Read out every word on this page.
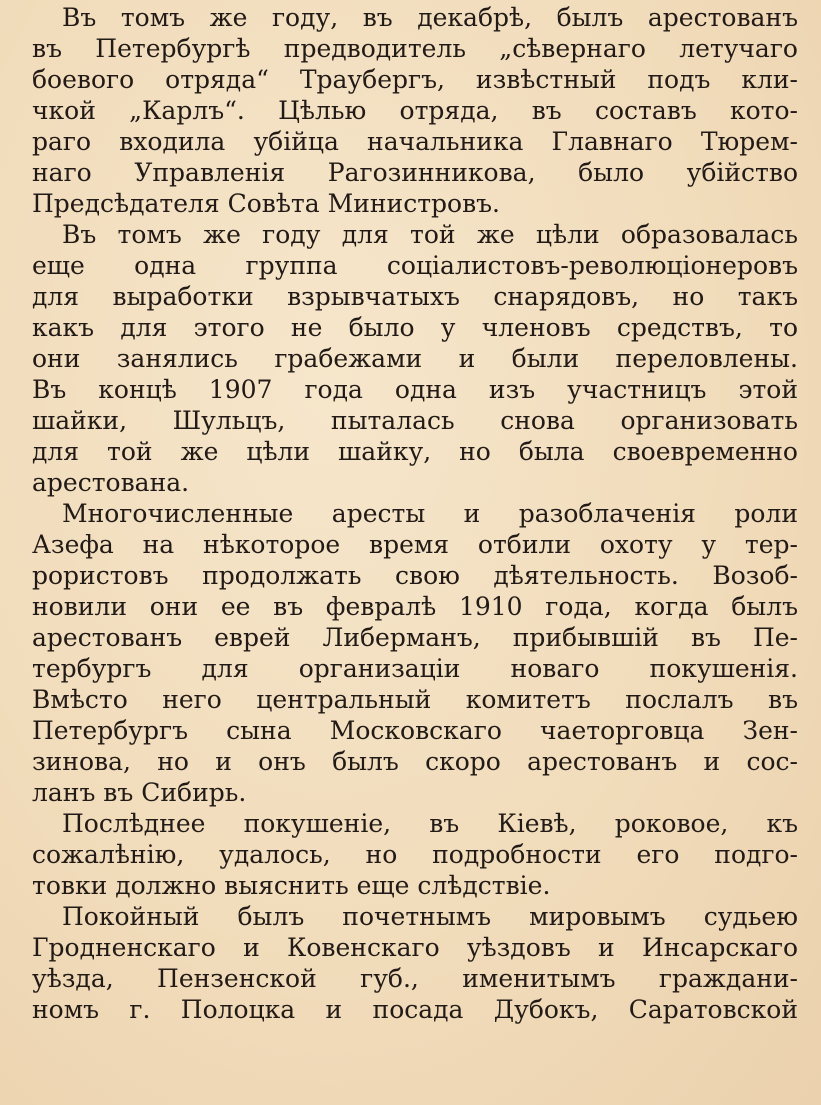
Въ томъ же году, въ декабрѣ, былъ арестованъ
въ Петербургѣ предводитель „сѣвернаго летучаго
боевого отряда“ Траубергъ, извѣстный подъ кли-
чкой „Карлъ“. Цѣлью отряда, въ составъ кото-
раго входила убійца начальника Главнаго Тюрем-
наго Управленія Рагозинникова, было убійство
Предсѣдателя Совѣта Министровъ.
Въ томъ же году для той же цѣли образовалась
еще одна группа соціалистовъ-революціонеровъ
для выработки взрывчатыхъ снарядовъ, но такъ
какъ для этого не было у членовъ средствъ, то
они занялись грабежами и были переловлены.
Въ концѣ 1907 года одна изъ участницъ этой
шайки, Шульцъ, пыталась снова организовать
для той же цѣли шайку, но была своевременно
арестована.
Многочисленные аресты и разоблаченія роли
Азефа на нѣкоторое время отбили охоту у тер-
рористовъ продолжать свою дѣятельность. Возоб-
новили они ее въ февралѣ 1910 года, когда былъ
арестованъ еврей Либерманъ, прибывшій въ Пе-
тербургъ для организаціи новаго покушенія.
Вмѣсто него центральный комитетъ послалъ въ
Петербургъ сына Московскаго чаеторговца Зен-
зинова, но и онъ былъ скоро арестованъ и сос-
ланъ въ Сибирь.
Послѣднее покушеніе, въ Кіевѣ, роковое, къ
сожалѣнію, удалось, но подробности его подго-
товки должно выяснить еще слѣдствіе.
Покойный былъ почетнымъ мировымъ судьею
Гродненскаго и Ковенскаго уѣздовъ и Инсарскаго
уѣзда, Пензенской губ., именитымъ граждани-
номъ г. Полоцка и посада Дубокъ, Саратовской
